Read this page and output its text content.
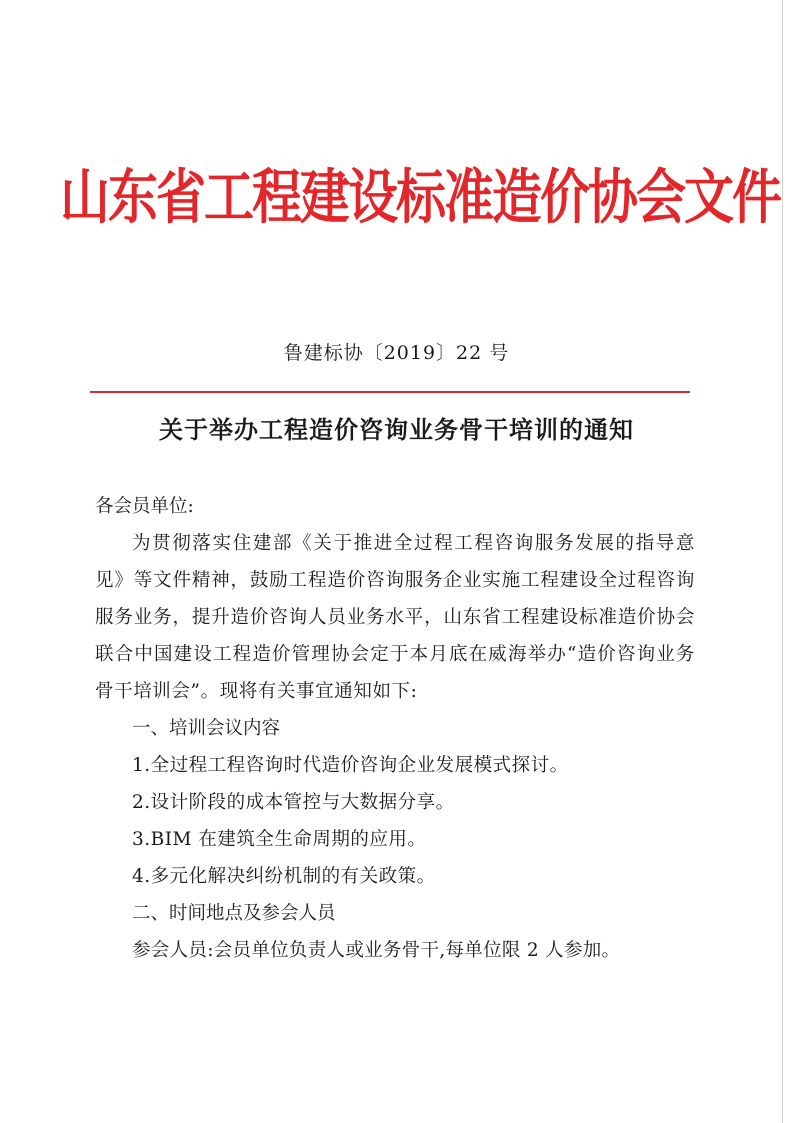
山东省工程建设标准造价协会文件
鲁建标协〔2019〕22 号
关于举办工程造价咨询业务骨干培训的通知

各会员单位:

为贯彻落实住建部《关于推进全过程工程咨询服务发展的指导意见》等文件精神，鼓励工程造价咨询服务企业实施工程建设全过程咨询服务业务，提升造价咨询人员业务水平，山东省工程建设标准造价协会联合中国建设工程造价管理协会定于本月底在威海举办“造价咨询业务骨干培训会”。现将有关事宜通知如下:

一、培训会议内容

1.全过程工程咨询时代造价咨询企业发展模式探讨。

2.设计阶段的成本管控与大数据分享。

3.BIM 在建筑全生命周期的应用。

4.多元化解决纠纷机制的有关政策。

二、时间地点及参会人员

参会人员:会员单位负责人或业务骨干,每单位限 2 人参加。
